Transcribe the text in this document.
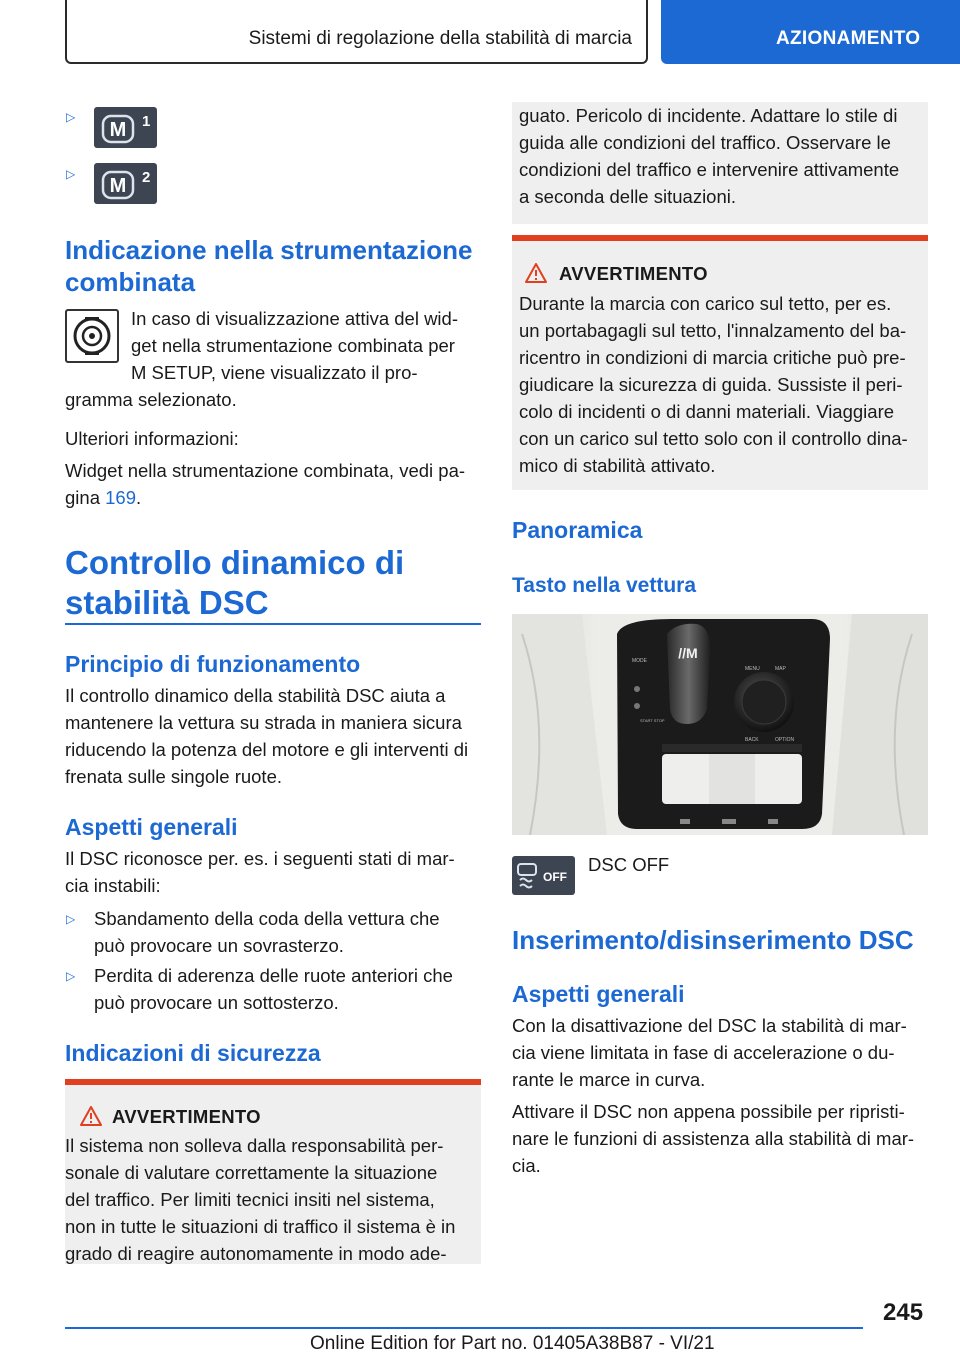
Sistemi di regolazione della stabilità di marcia	AZIONAMENTO
▷
M 1
▷
M 2
Indicazione nella strumentazione
combinata

In caso di visualizzazione attiva del wid‐

get nella strumentazione combinata per

M SETUP, viene visualizzato il pro‐

gramma selezionato.

Ulteriori informazioni:

Widget nella strumentazione combinata, vedi pa‐

gina 169.

Controllo dinamico di
stabilità DSC
Principio di funzionamento

Il controllo dinamico della stabilità DSC aiuta a

mantenere la vettura su strada in maniera sicura

riducendo la potenza del motore e gli interventi di

frenata sulle singole ruote.

Aspetti generali

Il DSC riconosce per. es. i seguenti stati di mar‐

cia instabili:

▷ Sbandamento della coda della vettura che

può provocare un sovrasterzo.

▷ Perdita di aderenza delle ruote anteriori che

può provocare un sottosterzo.

Indicazioni di sicurezza
AVVERTIMENTO

Il sistema non solleva dalla responsabilità per‐

sonale di valutare correttamente la situazione

del traffico. Per limiti tecnici insiti nel sistema,

non in tutte le situazioni di traffico il sistema è in

grado di reagire autonomamente in modo ade‐

guato. Pericolo di incidente. Adattare lo stile di

guida alle condizioni del traffico. Osservare le

condizioni del traffico e intervenire attivamente

a seconda delle situazioni.

AVVERTIMENTO

Durante la marcia con carico sul tetto, per es.

un portabagagli sul tetto, l'innalzamento del ba‐

ricentro in condizioni di marcia critiche può pre‐

giudicare la sicurezza di guida. Sussiste il peri‐

colo di incidenti o di danni materiali. Viaggiare

con un carico sul tetto solo con il controllo dina‐

mico di stabilità attivato.

Panoramica
Tasto nella vettura
//M
MENU	MAP
BACK	OPTION
MODE
START STOP
OFF

DSC OFF

Inserimento/disinserimento DSC
Aspetti generali

Con la disattivazione del DSC la stabilità di mar‐

cia viene limitata in fase di accelerazione o du‐

rante le marce in curva.

Attivare il DSC non appena possibile per ripristi‐

nare le funzioni di assistenza alla stabilità di mar‐

cia.

245
Online Edition for Part no. 01405A38B87 - VI/21
